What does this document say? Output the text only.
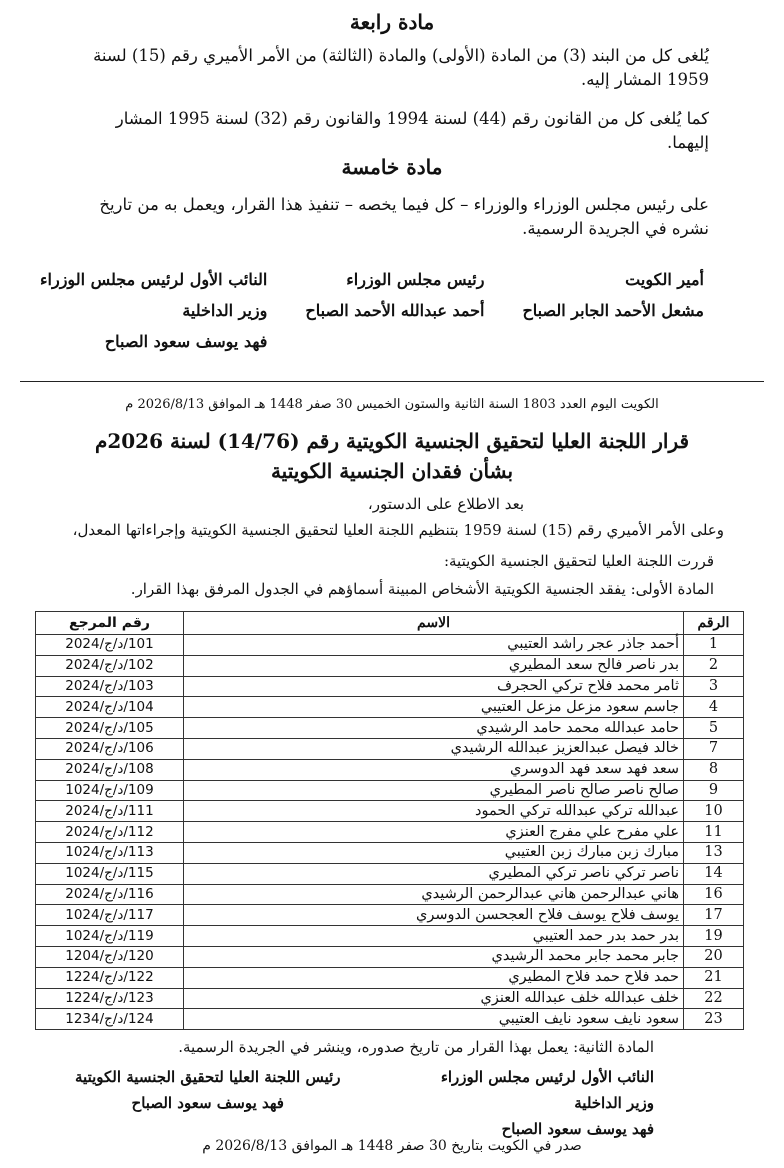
مادة رابعة
يُلغى كل من البند (3) من المادة (الأولى) والمادة (الثالثة) من الأمر الأميري رقم (15) لسنة 1959 المشار إليه.
كما يُلغى كل من القانون رقم (44) لسنة 1994 والقانون رقم (32) لسنة 1995 المشار إليهما.
مادة خامسة
على رئيس مجلس الوزراء والوزراء – كل فيما يخصه – تنفيذ هذا القرار، ويعمل به من تاريخ نشره في الجريدة الرسمية.
أمير الكويت
مشعل الأحمد الجابر الصباح
رئيس مجلس الوزراء
أحمد عبدالله الأحمد الصباح
النائب الأول لرئيس مجلس الوزراء
وزير الداخلية
فهد يوسف سعود الصباح
الكويت اليوم العدد 1803 السنة الثانية والستون الخميس 30 صفر 1448 هـ الموافق 2026/8/13 م
قرار اللجنة العليا لتحقيق الجنسية الكويتية رقم (14/76) لسنة 2026م
بشأن فقدان الجنسية الكويتية
بعد الاطلاع على الدستور،
وعلى الأمر الأميري رقم (15) لسنة 1959 بتنظيم اللجنة العليا لتحقيق الجنسية الكويتية وإجراءاتها المعدل،
قررت اللجنة العليا لتحقيق الجنسية الكويتية:
المادة الأولى: يفقد الجنسية الكويتية الأشخاص المبينة أسماؤهم في الجدول المرفق بهذا القرار.
الرقم	الاسم	رقم المرجع
1	أحمد جاذر عجر راشد العتيبي	101/د/ج/2024
2	بدر ناصر فالح سعد المطيري	102/د/ج/2024
3	ثامر محمد فلاح تركي الحجرف	103/د/ج/2024
4	جاسم سعود مزعل مزعل العتيبي	104/د/ج/2024
5	حامد عبدالله محمد حامد الرشيدي	105/د/ج/2024
7	خالد فيصل عبدالعزيز عبدالله الرشيدي	106/د/ج/2024
8	سعد فهد سعد فهد الدوسري	108/د/ج/2024
9	صالح ناصر صالح ناصر المطيري	109/د/ج/1024
10	عبدالله تركي عبدالله تركي الحمود	111/د/ج/2024
11	علي مفرح علي مفرج العنزي	112/د/ج/2024
13	مبارك زبن مبارك زبن العتيبي	113/د/ج/1024
14	ناصر تركي ناصر تركي المطيري	115/د/ج/1024
16	هاني عبدالرحمن هاني عبدالرحمن الرشيدي	116/د/ج/2024
17	يوسف فلاح يوسف فلاح العجحسن الدوسري	117/د/ج/1024
19	بدر حمد بدر حمد العتيبي	119/د/ج/1024
20	جابر محمد جابر محمد الرشيدي	120/د/ج/1204
21	حمد فلاح حمد فلاح المطيري	122/د/ج/1224
22	خلف عبدالله خلف عبدالله العنزي	123/د/ج/1224
23	سعود نايف سعود نايف العتيبي	124/د/ج/1234
المادة الثانية: يعمل بهذا القرار من تاريخ صدوره، وينشر في الجريدة الرسمية.
النائب الأول لرئيس مجلس الوزراء
وزير الداخلية
فهد يوسف سعود الصباح
رئيس اللجنة العليا لتحقيق الجنسية الكويتية
فهد يوسف سعود الصباح
صدر في الكويت بتاريخ 30 صفر 1448 هـ الموافق 2026/8/13 م
